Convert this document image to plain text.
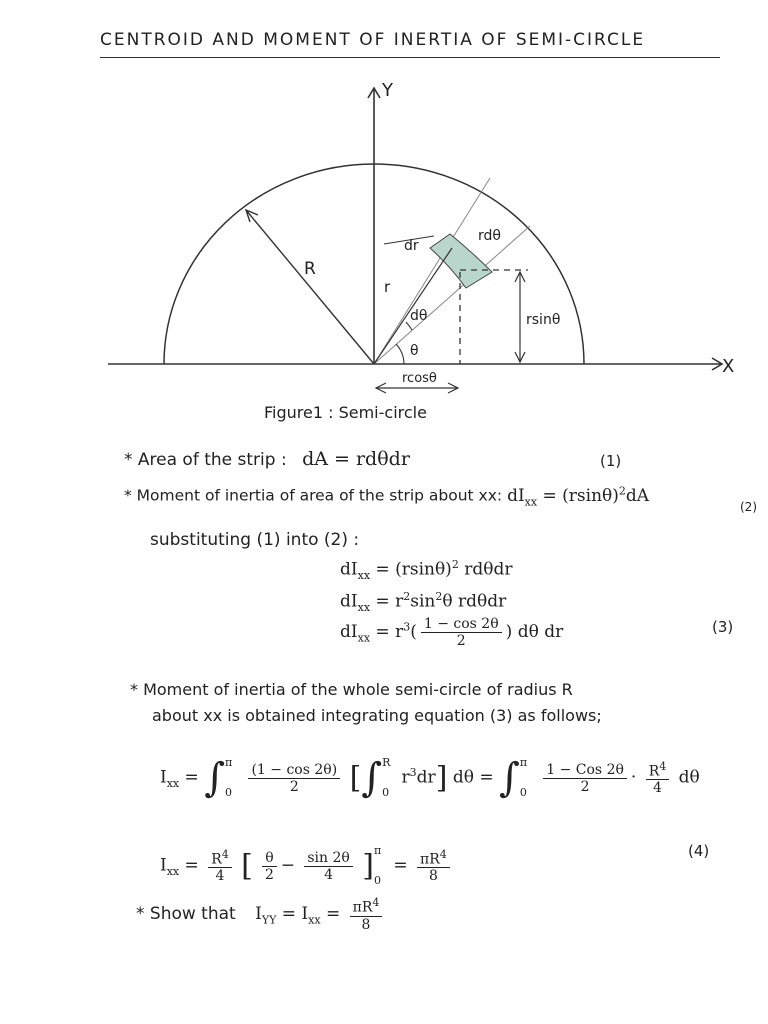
CENTROID AND MOMENT OF INERTIA OF SEMI-CIRCLE
Y
X
R
r
dr
rdθ
dθ
θ
rsinθ
rcosθ
Figure1 : Semi-circle
* Area of the strip : dA = rdθdr	(1)
* Moment of inertia of area of the strip about xx: $dI_{xx} = (rsin\theta)^2dA$
(2)
substituting (1) into (2) :
$dI_{xx} = (rsin\theta)^2$ rdθdr
$dI_{xx} = r^2\sin^2\theta$ rdθdr
$dI_{xx} = r^3( \frac{1 - \cos 2\theta}{2}$ ) dθ dr	(3)
* Moment of inertia of the whole semi-circle of radius R
about xx is obtained integrating equation (3) as follows;
$I_{xx}$ = ∫ π
0
	$\frac{(1 - \cos 2\theta)}{2}$ [∫ R
0
$r^3dr$] dθ = ∫ π
0
	$\frac{\text{1 − Cos 2θ}}{2} \cdot \frac{R^4}{4}$ dθ
$I_{xx} = \frac{R^4}{4}$ [ $\frac{\theta}{2} - \frac{\sin 2\theta}{4}$ ] π
0
= $\frac{\pi R^4}{8}$	(4)
* Show that $I_{YY} = I_{xx} = \frac{\pi R^4}{8}$
